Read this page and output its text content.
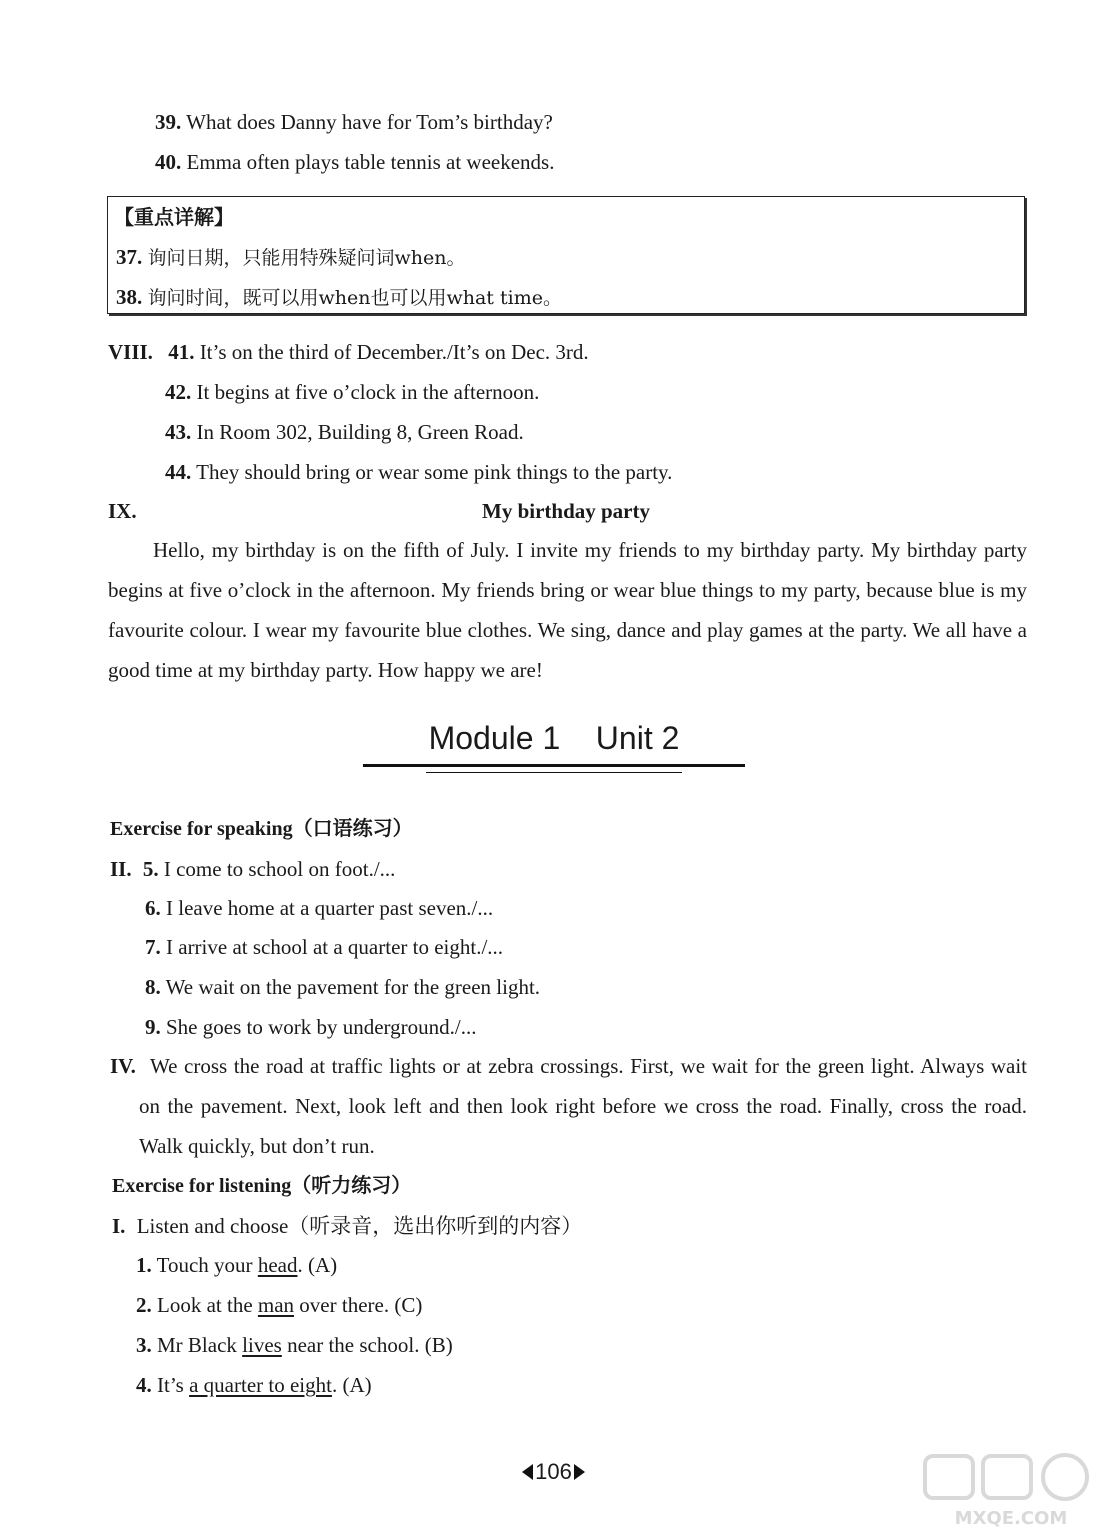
39. What does Danny have for Tom’s birthday?
40. Emma often plays table tennis at weekends.
【重点详解】
37. 询问日期，只能用特殊疑问词when。
38. 询问时间，既可以用when也可以用what time。
VIII. 41. It’s on the third of December./It’s on Dec. 3rd.
42. It begins at five o’clock in the afternoon.
43. In Room 302, Building 8, Green Road.
44. They should bring or wear some pink things to the party.
IX.	My birthday party
Hello, my birthday is on the fifth of July. I invite my friends to my birthday party. My birthday party begins at five o’clock in the afternoon. My friends bring or wear blue things to my party, because blue is my favourite colour. I wear my favourite blue clothes. We sing, dance and play games at the party. We all have a good time at my birthday party. How happy we are!
Module 1    Unit 2
Exercise for speaking（口语练习）
II. 5. I come to school on foot./...
6. I leave home at a quarter past seven./...
7. I arrive at school at a quarter to eight./...
8. We wait on the pavement for the green light.
9. She goes to work by underground./...
IV. We cross the road at traffic lights or at zebra crossings. First, we wait for the green light. Always wait on the pavement. Next, look left and then look right before we cross the road. Finally, cross the road. Walk quickly, but don’t run.
Exercise for listening（听力练习）
I. Listen and choose（听录音，选出你听到的内容）
1. Touch your head. (A)
2. Look at the man over there. (C)
3. Mr Black lives near the school. (B)
4. It’s a quarter to eight. (A)
106
MXQE.COM
